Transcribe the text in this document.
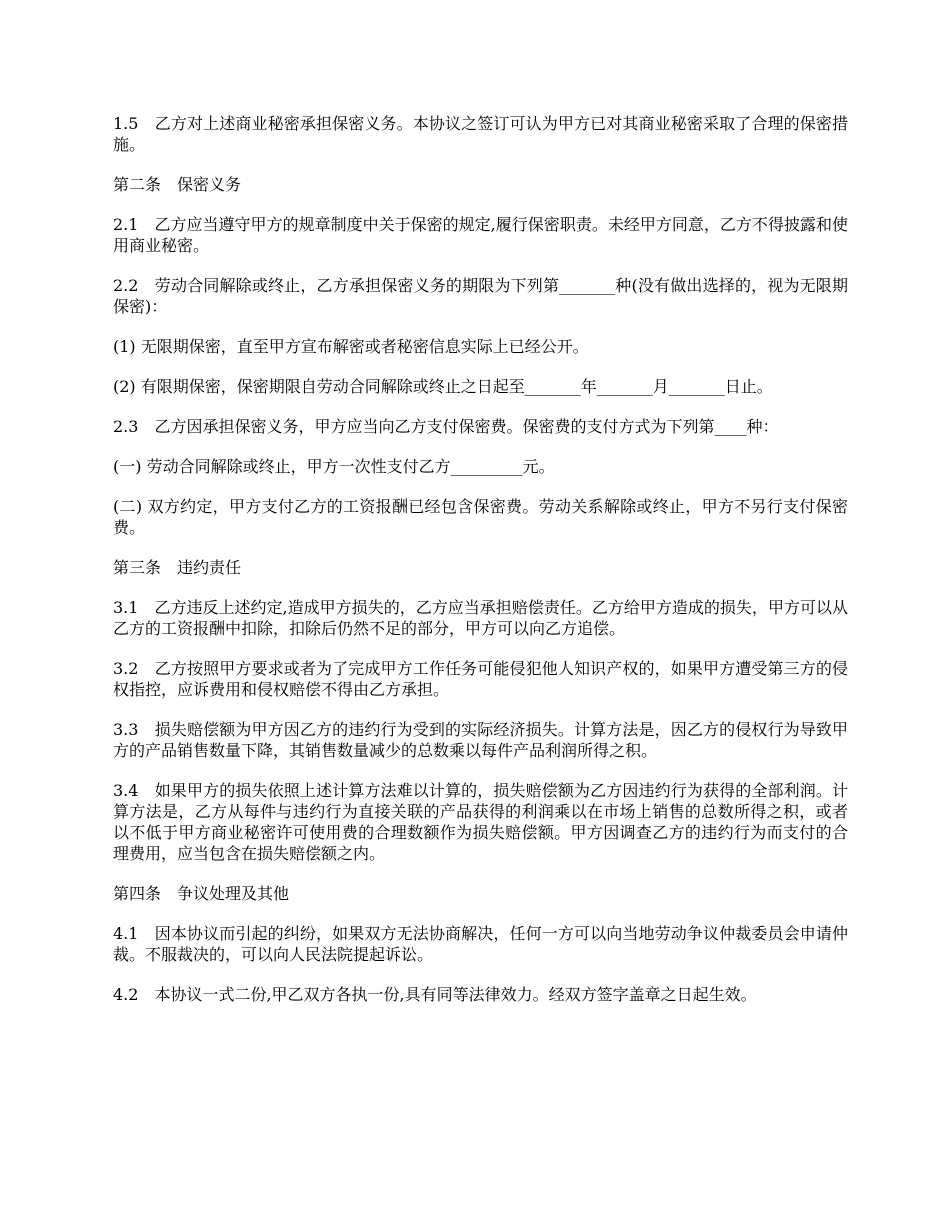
1.5　乙方对上述商业秘密承担保密义务。本协议之签订可认为甲方已对其商业秘密采取了合理的保密措施。

第二条　保密义务

2.1　乙方应当遵守甲方的规章制度中关于保密的规定,履行保密职责。未经甲方同意，乙方不得披露和使用商业秘密。

2.2　劳动合同解除或终止，乙方承担保密义务的期限为下列第_______种(没有做出选择的，视为无限期保密)：

(1) 无限期保密，直至甲方宣布解密或者秘密信息实际上已经公开。

(2) 有限期保密，保密期限自劳动合同解除或终止之日起至_______年_______月_______日止。

2.3　乙方因承担保密义务，甲方应当向乙方支付保密费。保密费的支付方式为下列第____种：

(一) 劳动合同解除或终止，甲方一次性支付乙方_________元。

(二) 双方约定，甲方支付乙方的工资报酬已经包含保密费。劳动关系解除或终止，甲方不另行支付保密费。

第三条　违约责任

3.1　乙方违反上述约定,造成甲方损失的，乙方应当承担赔偿责任。乙方给甲方造成的损失，甲方可以从乙方的工资报酬中扣除，扣除后仍然不足的部分，甲方可以向乙方追偿。

3.2　乙方按照甲方要求或者为了完成甲方工作任务可能侵犯他人知识产权的，如果甲方遭受第三方的侵权指控，应诉费用和侵权赔偿不得由乙方承担。

3.3　损失赔偿额为甲方因乙方的违约行为受到的实际经济损失。计算方法是，因乙方的侵权行为导致甲方的产品销售数量下降，其销售数量减少的总数乘以每件产品利润所得之积。

3.4　如果甲方的损失依照上述计算方法难以计算的，损失赔偿额为乙方因违约行为获得的全部利润。计算方法是，乙方从每件与违约行为直接关联的产品获得的利润乘以在市场上销售的总数所得之积，或者以不低于甲方商业秘密许可使用费的合理数额作为损失赔偿额。甲方因调查乙方的违约行为而支付的合理费用，应当包含在损失赔偿额之内。

第四条　争议处理及其他

4.1　因本协议而引起的纠纷，如果双方无法协商解决，任何一方可以向当地劳动争议仲裁委员会申请仲裁。不服裁决的，可以向人民法院提起诉讼。

4.2　本协议一式二份,甲乙双方各执一份,具有同等法律效力。经双方签字盖章之日起生效。
